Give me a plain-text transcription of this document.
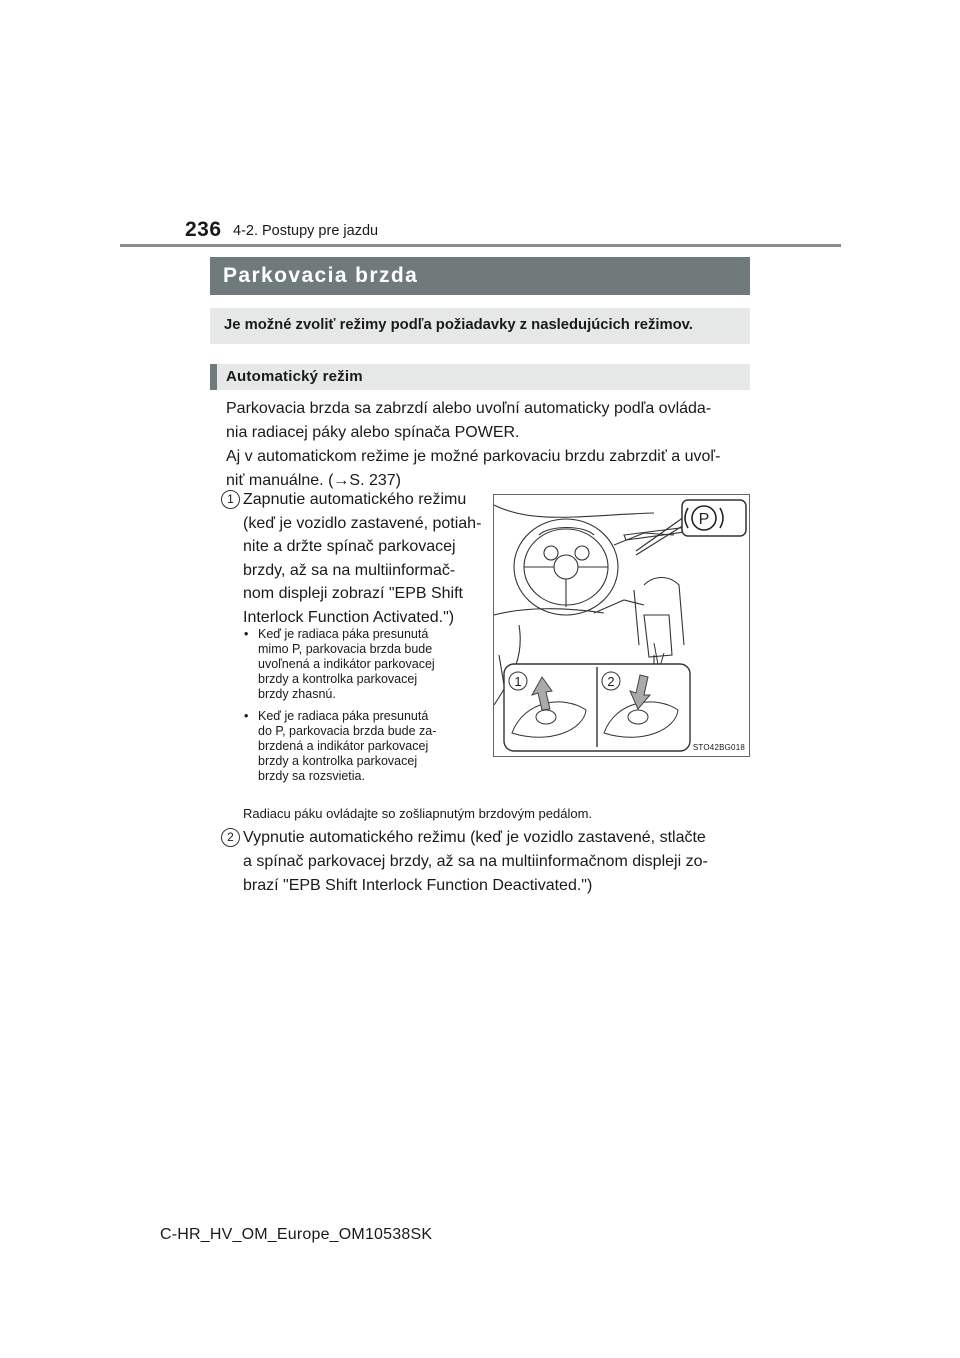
236 4-2. Postupy pre jazdu
Parkovacia brzda
Je možné zvoliť režimy podľa požiadavky z nasledujúcich režimov.
Automatický režim
Parkovacia brzda sa zabrzdí alebo uvoľní automaticky podľa ovláda-
nia radiacej páky alebo spínača POWER.
Aj v automatickom režime je možné parkovaciu brzdu zabrzdiť a uvoľ-
niť manuálne. (→S. 237)
1 Zapnutie automatického režimu
(keď je vozidlo zastavené, potiah-
nite a držte spínač parkovacej
brzdy, až sa na multiinformač-
nom displeji zobrazí "EPB Shift
Interlock Function Activated.")
• Keď je radiaca páka presunutá
mimo P, parkovacia brzda bude
uvoľnená a indikátor parkovacej
brzdy a kontrolka parkovacej
brzdy zhasnú.
• Keď je radiaca páka presunutá
do P, parkovacia brzda bude za-
brzdená a indikátor parkovacej
brzdy a kontrolka parkovacej
brzdy sa rozsvietia.
Radiacu páku ovládajte so zošliapnutým brzdovým pedálom.
2 Vypnutie automatického režimu (keď je vozidlo zastavené, stlačte
a spínač parkovacej brzdy, až sa na multiinformačnom displeji zo-
brazí "EPB Shift Interlock Function Deactivated.")
P
1	2
STO42BG018
C-HR_HV_OM_Europe_OM10538SK
